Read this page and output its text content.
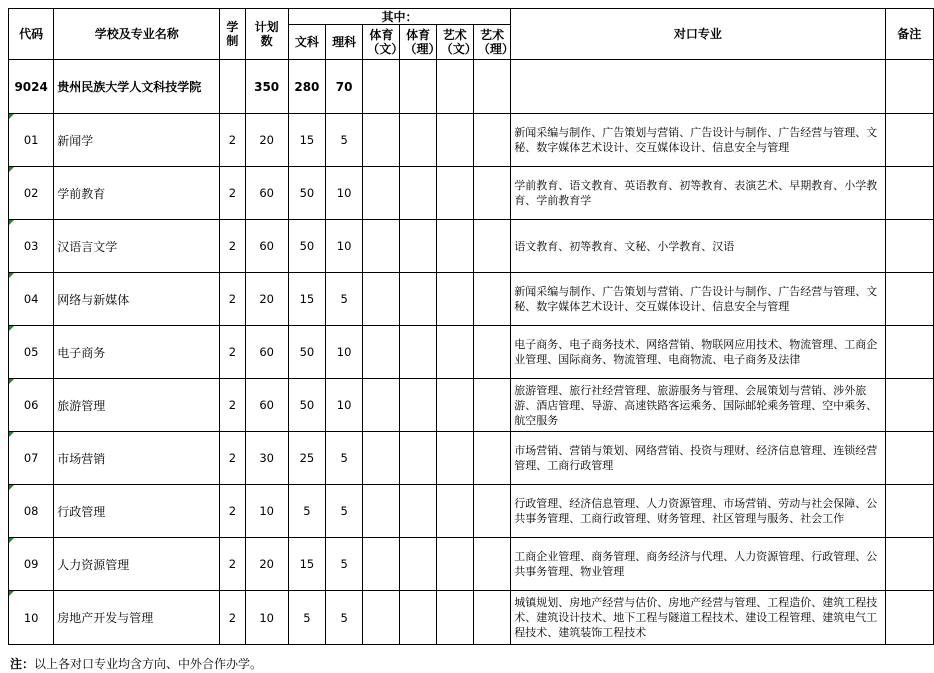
代码	学校及专业名称	学制	计划数	其中：						对口专业	备注
				文科	理科	体育（文）	体育（理）	艺术（文）	艺术（理）		
9024	贵州民族大学人文科技学院		350	280	70						

01	新闻学	2	20	15	5					新闻采编与制作、广告策划与营销、广告设计与制作、广告经营与管理、文秘、数字媒体艺术设计、交互媒体设计、信息安全与管理	

02	学前教育	2	60	50	10					学前教育、语文教育、英语教育、初等教育、表演艺术、早期教育、小学教育、学前教育学	

03	汉语言文学	2	60	50	10					语文教育、初等教育、文秘、小学教育、汉语	

04	网络与新媒体	2	20	15	5					新闻采编与制作、广告策划与营销、广告设计与制作、广告经营与管理、文秘、数字媒体艺术设计、交互媒体设计、信息安全与管理	

05	电子商务	2	60	50	10					电子商务、电子商务技术、网络营销、物联网应用技术、物流管理、工商企业管理、国际商务、物流管理、电商物流、电子商务及法律	

06	旅游管理	2	60	50	10					旅游管理、旅行社经营管理、旅游服务与管理、会展策划与营销、涉外旅游、酒店管理、导游、高速铁路客运乘务、国际邮轮乘务管理、空中乘务、航空服务	

07	市场营销	2	30	25	5					市场营销、营销与策划、网络营销、投资与理财、经济信息管理、连锁经营管理、工商行政管理	

08	行政管理	2	10	5	5					行政管理、经济信息管理、人力资源管理、市场营销、劳动与社会保障、公共事务管理、工商行政管理、财务管理、社区管理与服务、社会工作	

09	人力资源管理	2	20	15	5					工商企业管理、商务管理、商务经济与代理、人力资源管理、行政管理、公共事务管理、物业管理	

10	房地产开发与管理	2	10	5	5					城镇规划、房地产经营与估价、房地产经营与管理、工程造价、建筑工程技术、建筑设计技术、地下工程与隧道工程技术、建设工程管理、建筑电气工程技术、建筑装饰工程技术	
注：以上各对口专业均含方向、中外合作办学。
